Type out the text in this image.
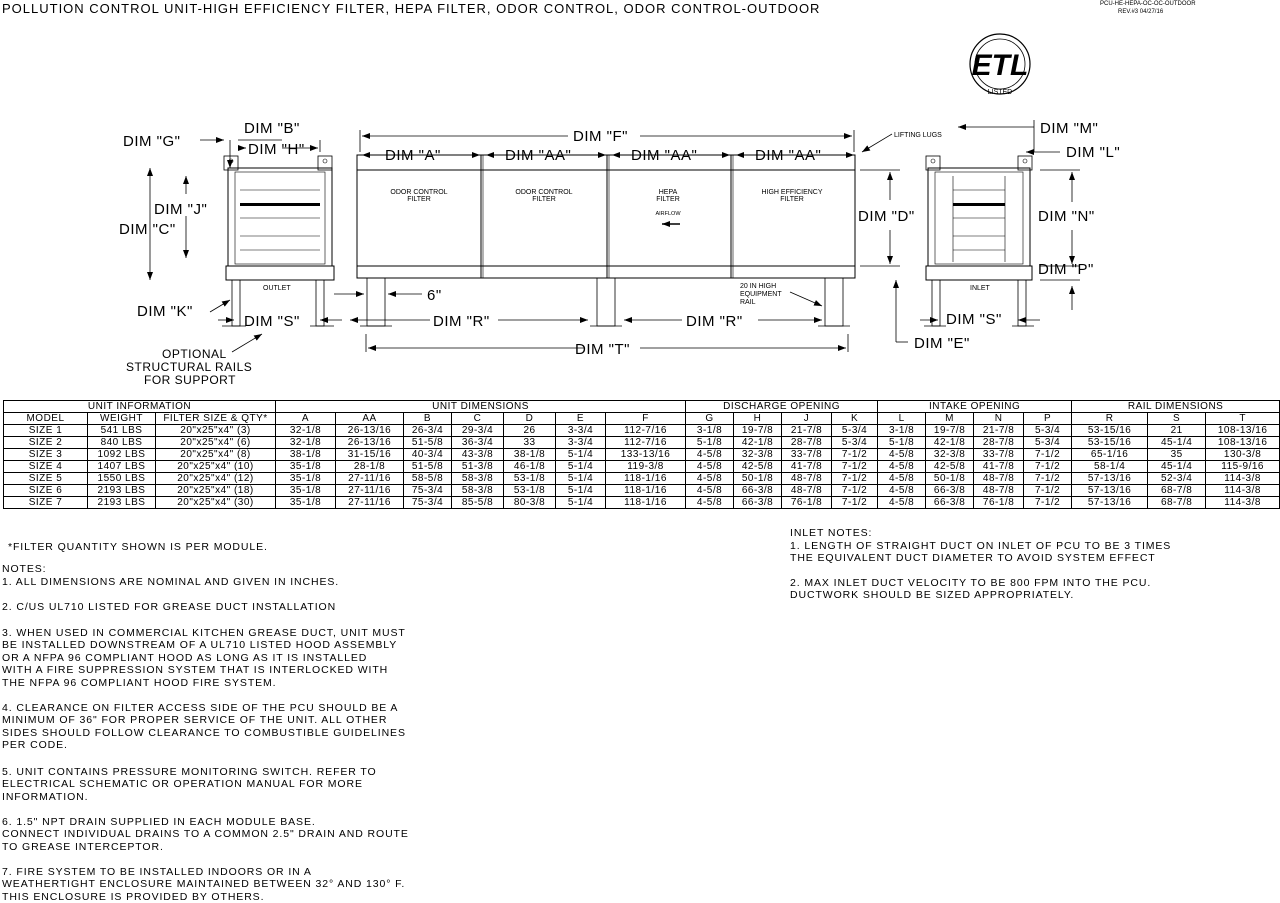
POLLUTION CONTROL UNIT-HIGH EFFICIENCY FILTER, HEPA FILTER, ODOR CONTROL, ODOR CONTROL-OUTDOOR	PCU-HE-HEPA-OC-OC-OUTDOOR
REV.#3 04/27/16
ETL
LISTED
OUTLET
DIM "B"
DIM "G"	DIM "H"
DIM "J"
DIM "C"
DIM "K"
DIM "S"
OPTIONAL
STRUCTURAL RAILS
FOR SUPPORT
ODOR CONTROL
FILTER
ODOR CONTROL
FILTER
HEPA
FILTER
AIRFLOW
HIGH EFFICIENCY
FILTER
DIM "F"
DIM "A"	DIM "AA"	DIM "AA"	DIM "AA"
LIFTING LUGS
DIM "D"
6"
DIM "R"	DIM "R"
DIM "T"
20 IN HIGH
EQUIPMENT
RAIL
INLET
DIM "M"
DIM "L"
DIM "N"
DIM "P"
DIM "S"
DIM "E"
UNIT INFORMATION			UNIT DIMENSIONS							DISCHARGE OPENING				INTAKE OPENING				RAIL DIMENSIONS		
MODEL	WEIGHT	FILTER SIZE & QTY*	A	AA	B	C	D	E	F	G	H	J	K	L	M	N	P	R	S	T
SIZE 1	541 LBS	20"x25"x4" (3)	32-1/8	26-13/16	26-3/4	29-3/4	26	3-3/4	112-7/16	3-1/8	19-7/8	21-7/8	5-3/4	3-1/8	19-7/8	21-7/8	5-3/4	53-15/16	21	108-13/16
SIZE 2	840 LBS	20"x25"x4" (6)	32-1/8	26-13/16	51-5/8	36-3/4	33	3-3/4	112-7/16	5-1/8	42-1/8	28-7/8	5-3/4	5-1/8	42-1/8	28-7/8	5-3/4	53-15/16	45-1/4	108-13/16
SIZE 3	1092 LBS	20"x25"x4" (8)	38-1/8	31-15/16	40-3/4	43-3/8	38-1/8	5-1/4	133-13/16	4-5/8	32-3/8	33-7/8	7-1/2	4-5/8	32-3/8	33-7/8	7-1/2	65-1/16	35	130-3/8
SIZE 4	1407 LBS	20"x25"x4" (10)	35-1/8	28-1/8	51-5/8	51-3/8	46-1/8	5-1/4	119-3/8	4-5/8	42-5/8	41-7/8	7-1/2	4-5/8	42-5/8	41-7/8	7-1/2	58-1/4	45-1/4	115-9/16
SIZE 5	1550 LBS	20"x25"x4" (12)	35-1/8	27-11/16	58-5/8	58-3/8	53-1/8	5-1/4	118-1/16	4-5/8	50-1/8	48-7/8	7-1/2	4-5/8	50-1/8	48-7/8	7-1/2	57-13/16	52-3/4	114-3/8
SIZE 6	2193 LBS	20"x25"x4" (18)	35-1/8	27-11/16	75-3/4	58-3/8	53-1/8	5-1/4	118-1/16	4-5/8	66-3/8	48-7/8	7-1/2	4-5/8	66-3/8	48-7/8	7-1/2	57-13/16	68-7/8	114-3/8
SIZE 7	2193 LBS	20"x25"x4" (30)	35-1/8	27-11/16	75-3/4	85-5/8	80-3/8	5-1/4	118-1/16	4-5/8	66-3/8	76-1/8	7-1/2	4-5/8	66-3/8	76-1/8	7-1/2	57-13/16	68-7/8	114-3/8
*FILTER QUANTITY SHOWN IS PER MODULE.
NOTES:
1. ALL DIMENSIONS ARE NOMINAL AND GIVEN IN INCHES.
2. C/US UL710 LISTED FOR GREASE DUCT INSTALLATION
3. WHEN USED IN COMMERCIAL KITCHEN GREASE DUCT, UNIT MUST
BE INSTALLED DOWNSTREAM OF A UL710 LISTED HOOD ASSEMBLY
OR A NFPA 96 COMPLIANT HOOD AS LONG AS IT IS INSTALLED
WITH A FIRE SUPPRESSION SYSTEM THAT IS INTERLOCKED WITH
THE NFPA 96 COMPLIANT HOOD FIRE SYSTEM.
4. CLEARANCE ON FILTER ACCESS SIDE OF THE PCU SHOULD BE A
MINIMUM OF 36" FOR PROPER SERVICE OF THE UNIT. ALL OTHER
SIDES SHOULD FOLLOW CLEARANCE TO COMBUSTIBLE GUIDELINES
PER CODE.
5. UNIT CONTAINS PRESSURE MONITORING SWITCH. REFER TO
ELECTRICAL SCHEMATIC OR OPERATION MANUAL FOR MORE
INFORMATION.
6. 1.5" NPT DRAIN SUPPLIED IN EACH MODULE BASE.
CONNECT INDIVIDUAL DRAINS TO A COMMON 2.5" DRAIN AND ROUTE
TO GREASE INTERCEPTOR.
7. FIRE SYSTEM TO BE INSTALLED INDOORS OR IN A
WEATHERTIGHT ENCLOSURE MAINTAINED BETWEEN 32° AND 130° F.
THIS ENCLOSURE IS PROVIDED BY OTHERS.
INLET NOTES:
1. LENGTH OF STRAIGHT DUCT ON INLET OF PCU TO BE 3 TIMES
THE EQUIVALENT DUCT DIAMETER TO AVOID SYSTEM EFFECT
2. MAX INLET DUCT VELOCITY TO BE 800 FPM INTO THE PCU.
DUCTWORK SHOULD BE SIZED APPROPRIATELY.
